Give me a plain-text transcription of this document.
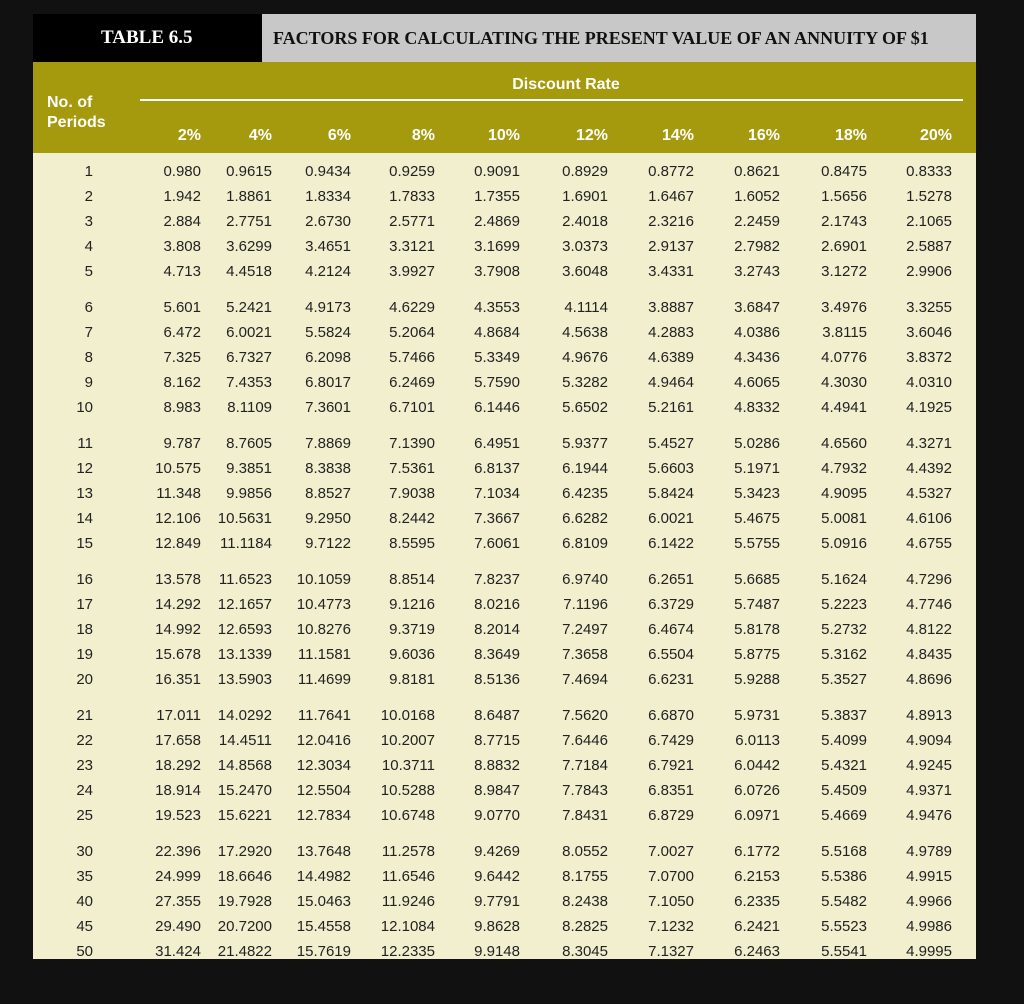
TABLE 6.5	FACTORS FOR CALCULATING THE PRESENT VALUE OF AN ANNUITY OF $1
No. of
Periods
Discount Rate
2%	4%	6%	8%	10%	12%	14%	16%	18%	20%
1	0.980	0.9615	0.9434	0.9259	0.9091	0.8929	0.8772	0.8621	0.8475	0.8333
2	1.942	1.8861	1.8334	1.7833	1.7355	1.6901	1.6467	1.6052	1.5656	1.5278
3	2.884	2.7751	2.6730	2.5771	2.4869	2.4018	2.3216	2.2459	2.1743	2.1065
4	3.808	3.6299	3.4651	3.3121	3.1699	3.0373	2.9137	2.7982	2.6901	2.5887
5	4.713	4.4518	4.2124	3.9927	3.7908	3.6048	3.4331	3.2743	3.1272	2.9906
6	5.601	5.2421	4.9173	4.6229	4.3553	4.1114	3.8887	3.6847	3.4976	3.3255
7	6.472	6.0021	5.5824	5.2064	4.8684	4.5638	4.2883	4.0386	3.8115	3.6046
8	7.325	6.7327	6.2098	5.7466	5.3349	4.9676	4.6389	4.3436	4.0776	3.8372
9	8.162	7.4353	6.8017	6.2469	5.7590	5.3282	4.9464	4.6065	4.3030	4.0310
10	8.983	8.1109	7.3601	6.7101	6.1446	5.6502	5.2161	4.8332	4.4941	4.1925
11	9.787	8.7605	7.8869	7.1390	6.4951	5.9377	5.4527	5.0286	4.6560	4.3271
12	10.575	9.3851	8.3838	7.5361	6.8137	6.1944	5.6603	5.1971	4.7932	4.4392
13	11.348	9.9856	8.8527	7.9038	7.1034	6.4235	5.8424	5.3423	4.9095	4.5327
14	12.106	10.5631	9.2950	8.2442	7.3667	6.6282	6.0021	5.4675	5.0081	4.6106
15	12.849	11.1184	9.7122	8.5595	7.6061	6.8109	6.1422	5.5755	5.0916	4.6755
16	13.578	11.6523	10.1059	8.8514	7.8237	6.9740	6.2651	5.6685	5.1624	4.7296
17	14.292	12.1657	10.4773	9.1216	8.0216	7.1196	6.3729	5.7487	5.2223	4.7746
18	14.992	12.6593	10.8276	9.3719	8.2014	7.2497	6.4674	5.8178	5.2732	4.8122
19	15.678	13.1339	11.1581	9.6036	8.3649	7.3658	6.5504	5.8775	5.3162	4.8435
20	16.351	13.5903	11.4699	9.8181	8.5136	7.4694	6.6231	5.9288	5.3527	4.8696
21	17.011	14.0292	11.7641	10.0168	8.6487	7.5620	6.6870	5.9731	5.3837	4.8913
22	17.658	14.4511	12.0416	10.2007	8.7715	7.6446	6.7429	6.0113	5.4099	4.9094
23	18.292	14.8568	12.3034	10.3711	8.8832	7.7184	6.7921	6.0442	5.4321	4.9245
24	18.914	15.2470	12.5504	10.5288	8.9847	7.7843	6.8351	6.0726	5.4509	4.9371
25	19.523	15.6221	12.7834	10.6748	9.0770	7.8431	6.8729	6.0971	5.4669	4.9476
30	22.396	17.2920	13.7648	11.2578	9.4269	8.0552	7.0027	6.1772	5.5168	4.9789
35	24.999	18.6646	14.4982	11.6546	9.6442	8.1755	7.0700	6.2153	5.5386	4.9915
40	27.355	19.7928	15.0463	11.9246	9.7791	8.2438	7.1050	6.2335	5.5482	4.9966
45	29.490	20.7200	15.4558	12.1084	9.8628	8.2825	7.1232	6.2421	5.5523	4.9986
50	31.424	21.4822	15.7619	12.2335	9.9148	8.3045	7.1327	6.2463	5.5541	4.9995
